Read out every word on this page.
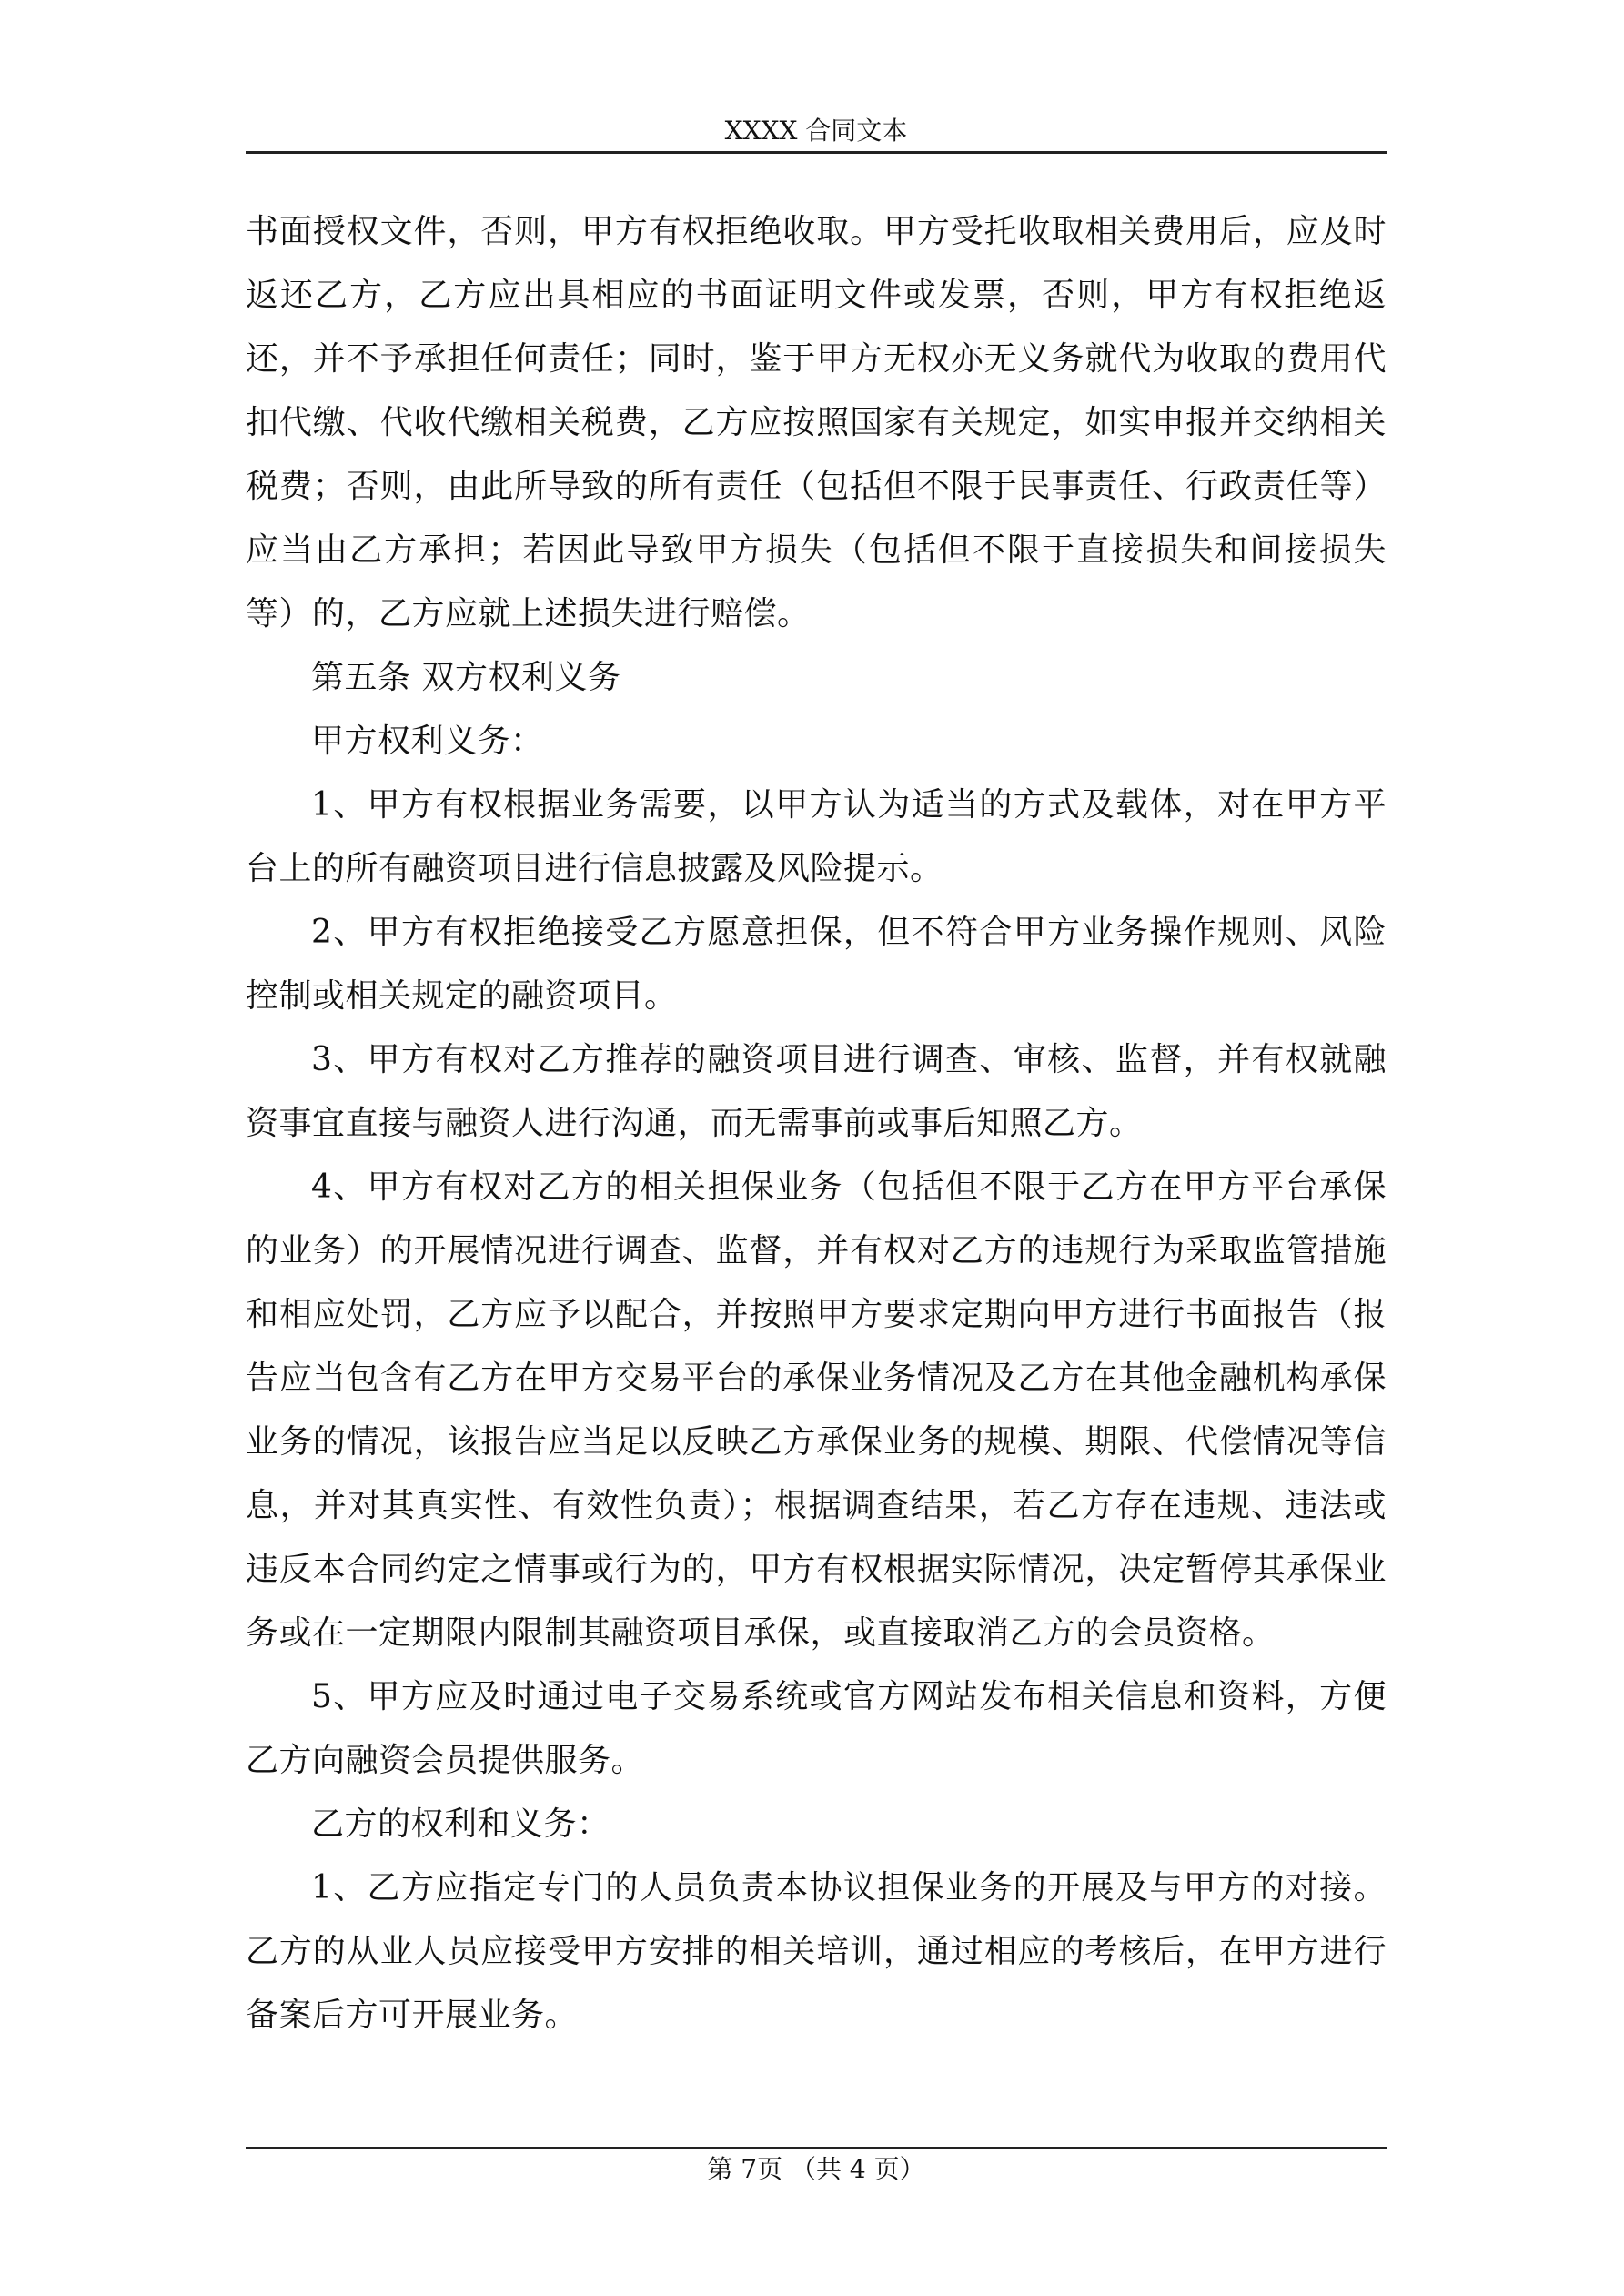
XXXX 合同文本

书面授权文件，否则，甲方有权拒绝收取。甲方受托收取相关费用后，应及时返还乙方，乙方应出具相应的书面证明文件或发票，否则，甲方有权拒绝返还，并不予承担任何责任；同时，鉴于甲方无权亦无义务就代为收取的费用代扣代缴、代收代缴相关税费，乙方应按照国家有关规定，如实申报并交纳相关税费；否则，由此所导致的所有责任（包括但不限于民事责任、行政责任等）应当由乙方承担；若因此导致甲方损失（包括但不限于直接损失和间接损失等）的，乙方应就上述损失进行赔偿。

第五条 双方权利义务

甲方权利义务：

1、甲方有权根据业务需要，以甲方认为适当的方式及载体，对在甲方平台上的所有融资项目进行信息披露及风险提示。

2、甲方有权拒绝接受乙方愿意担保，但不符合甲方业务操作规则、风险控制或相关规定的融资项目。

3、甲方有权对乙方推荐的融资项目进行调查、审核、监督，并有权就融资事宜直接与融资人进行沟通，而无需事前或事后知照乙方。

4、甲方有权对乙方的相关担保业务（包括但不限于乙方在甲方平台承保的业务）的开展情况进行调查、监督，并有权对乙方的违规行为采取监管措施和相应处罚，乙方应予以配合，并按照甲方要求定期向甲方进行书面报告（报告应当包含有乙方在甲方交易平台的承保业务情况及乙方在其他金融机构承保业务的情况，该报告应当足以反映乙方承保业务的规模、期限、代偿情况等信息，并对其真实性、有效性负责）；根据调查结果，若乙方存在违规、违法或违反本合同约定之情事或行为的，甲方有权根据实际情况，决定暂停其承保业务或在一定期限内限制其融资项目承保，或直接取消乙方的会员资格。

5、甲方应及时通过电子交易系统或官方网站发布相关信息和资料，方便乙方向融资会员提供服务。

乙方的权利和义务：

1、乙方应指定专门的人员负责本协议担保业务的开展及与甲方的对接。乙方的从业人员应接受甲方安排的相关培训，通过相应的考核后，在甲方进行备案后方可开展业务。

第 7页 （共 4 页）
